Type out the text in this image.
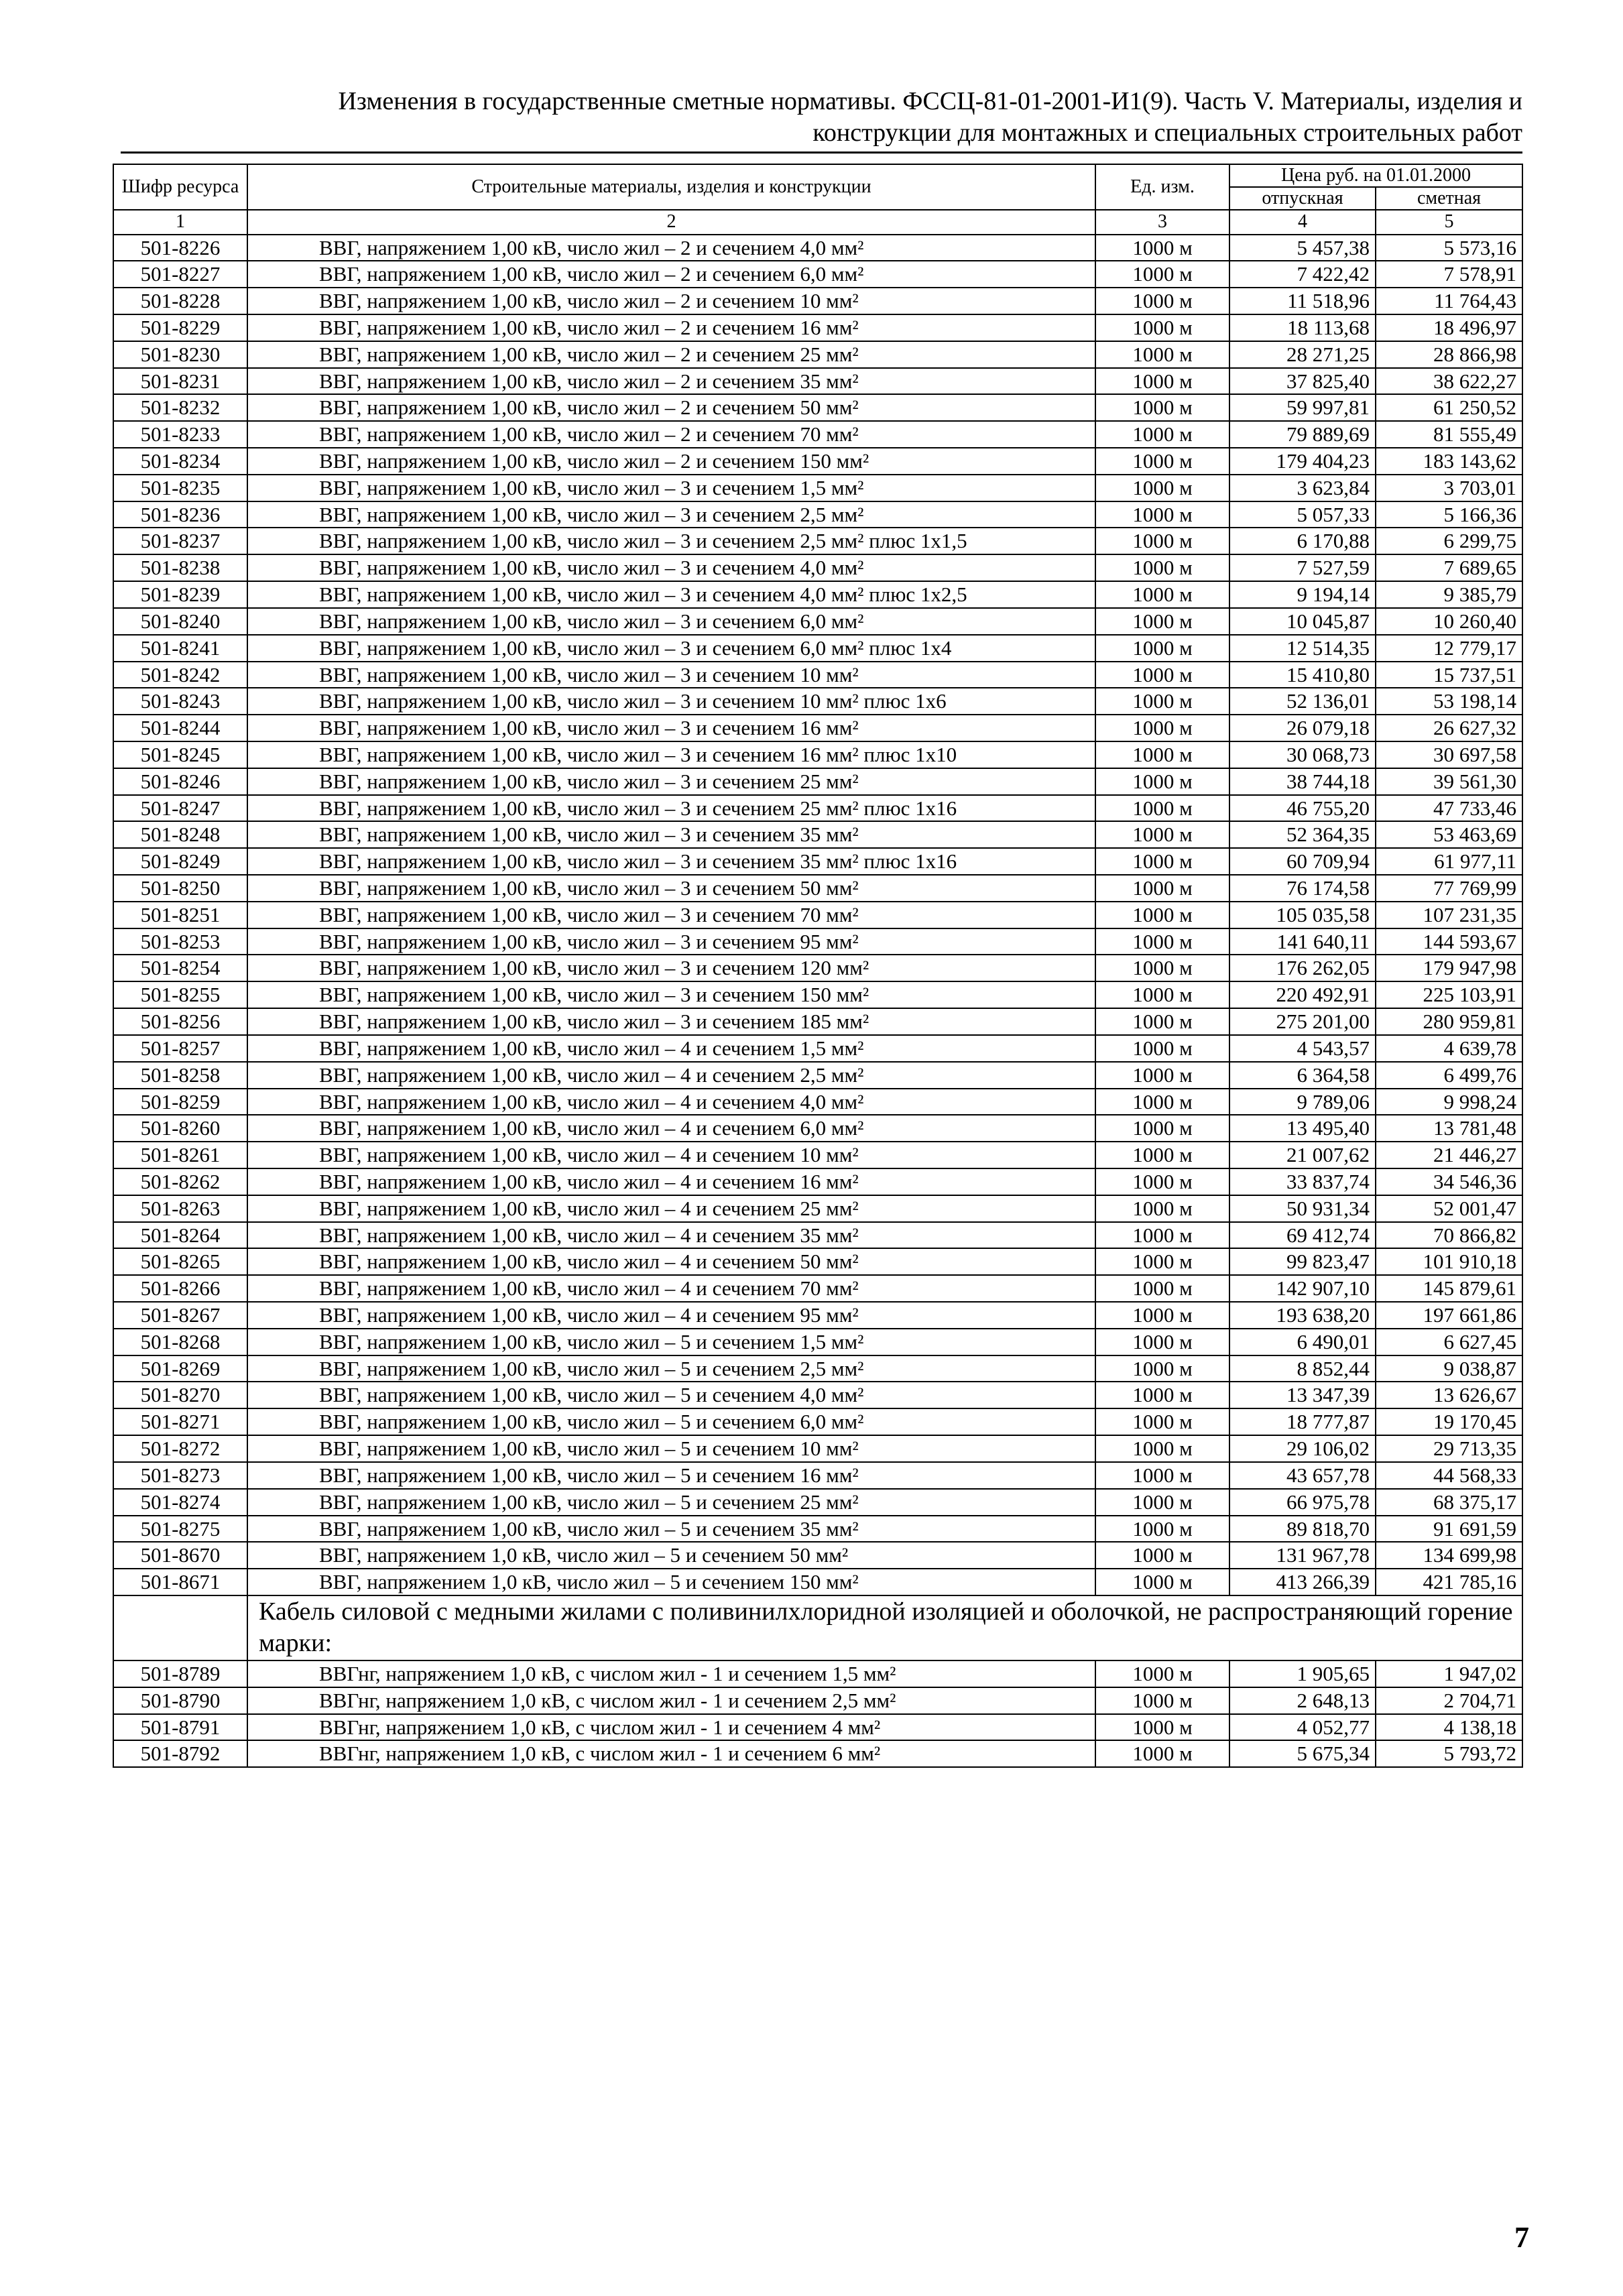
Изменения в государственные сметные нормативы. ФССЦ-81-01-2001-И1(9). Часть V. Материалы, изделия и
конструкции для монтажных и специальных строительных работ
Шифр ресурса	Строительные материалы, изделия и конструкции	Ед. изм.	Цена руб. на 01.01.2000	
			отпускная	сметная
1	2	3	4	5
501-8226	ВВГ, напряжением 1,00 кВ, число жил – 2 и сечением 4,0 мм²	1000 м	5 457,38	5 573,16
501-8227	ВВГ, напряжением 1,00 кВ, число жил – 2 и сечением 6,0 мм²	1000 м	7 422,42	7 578,91
501-8228	ВВГ, напряжением 1,00 кВ, число жил – 2 и сечением 10 мм²	1000 м	11 518,96	11 764,43
501-8229	ВВГ, напряжением 1,00 кВ, число жил – 2 и сечением 16 мм²	1000 м	18 113,68	18 496,97
501-8230	ВВГ, напряжением 1,00 кВ, число жил – 2 и сечением 25 мм²	1000 м	28 271,25	28 866,98
501-8231	ВВГ, напряжением 1,00 кВ, число жил – 2 и сечением 35 мм²	1000 м	37 825,40	38 622,27
501-8232	ВВГ, напряжением 1,00 кВ, число жил – 2 и сечением 50 мм²	1000 м	59 997,81	61 250,52
501-8233	ВВГ, напряжением 1,00 кВ, число жил – 2 и сечением 70 мм²	1000 м	79 889,69	81 555,49
501-8234	ВВГ, напряжением 1,00 кВ, число жил – 2 и сечением 150 мм²	1000 м	179 404,23	183 143,62
501-8235	ВВГ, напряжением 1,00 кВ, число жил – 3 и сечением 1,5 мм²	1000 м	3 623,84	3 703,01
501-8236	ВВГ, напряжением 1,00 кВ, число жил – 3 и сечением 2,5 мм²	1000 м	5 057,33	5 166,36
501-8237	ВВГ, напряжением 1,00 кВ, число жил – 3 и сечением 2,5 мм² плюс 1х1,5	1000 м	6 170,88	6 299,75
501-8238	ВВГ, напряжением 1,00 кВ, число жил – 3 и сечением 4,0 мм²	1000 м	7 527,59	7 689,65
501-8239	ВВГ, напряжением 1,00 кВ, число жил – 3 и сечением 4,0 мм² плюс 1х2,5	1000 м	9 194,14	9 385,79
501-8240	ВВГ, напряжением 1,00 кВ, число жил – 3 и сечением 6,0 мм²	1000 м	10 045,87	10 260,40
501-8241	ВВГ, напряжением 1,00 кВ, число жил – 3 и сечением 6,0 мм² плюс 1х4	1000 м	12 514,35	12 779,17
501-8242	ВВГ, напряжением 1,00 кВ, число жил – 3 и сечением 10 мм²	1000 м	15 410,80	15 737,51
501-8243	ВВГ, напряжением 1,00 кВ, число жил – 3 и сечением 10 мм² плюс 1х6	1000 м	52 136,01	53 198,14
501-8244	ВВГ, напряжением 1,00 кВ, число жил – 3 и сечением 16 мм²	1000 м	26 079,18	26 627,32
501-8245	ВВГ, напряжением 1,00 кВ, число жил – 3 и сечением 16 мм² плюс 1х10	1000 м	30 068,73	30 697,58
501-8246	ВВГ, напряжением 1,00 кВ, число жил – 3 и сечением 25 мм²	1000 м	38 744,18	39 561,30
501-8247	ВВГ, напряжением 1,00 кВ, число жил – 3 и сечением 25 мм² плюс 1х16	1000 м	46 755,20	47 733,46
501-8248	ВВГ, напряжением 1,00 кВ, число жил – 3 и сечением 35 мм²	1000 м	52 364,35	53 463,69
501-8249	ВВГ, напряжением 1,00 кВ, число жил – 3 и сечением 35 мм² плюс 1х16	1000 м	60 709,94	61 977,11
501-8250	ВВГ, напряжением 1,00 кВ, число жил – 3 и сечением 50 мм²	1000 м	76 174,58	77 769,99
501-8251	ВВГ, напряжением 1,00 кВ, число жил – 3 и сечением 70 мм²	1000 м	105 035,58	107 231,35
501-8253	ВВГ, напряжением 1,00 кВ, число жил – 3 и сечением 95 мм²	1000 м	141 640,11	144 593,67
501-8254	ВВГ, напряжением 1,00 кВ, число жил – 3 и сечением 120 мм²	1000 м	176 262,05	179 947,98
501-8255	ВВГ, напряжением 1,00 кВ, число жил – 3 и сечением 150 мм²	1000 м	220 492,91	225 103,91
501-8256	ВВГ, напряжением 1,00 кВ, число жил – 3 и сечением 185 мм²	1000 м	275 201,00	280 959,81
501-8257	ВВГ, напряжением 1,00 кВ, число жил – 4 и сечением 1,5 мм²	1000 м	4 543,57	4 639,78
501-8258	ВВГ, напряжением 1,00 кВ, число жил – 4 и сечением 2,5 мм²	1000 м	6 364,58	6 499,76
501-8259	ВВГ, напряжением 1,00 кВ, число жил – 4 и сечением 4,0 мм²	1000 м	9 789,06	9 998,24
501-8260	ВВГ, напряжением 1,00 кВ, число жил – 4 и сечением 6,0 мм²	1000 м	13 495,40	13 781,48
501-8261	ВВГ, напряжением 1,00 кВ, число жил – 4 и сечением 10 мм²	1000 м	21 007,62	21 446,27
501-8262	ВВГ, напряжением 1,00 кВ, число жил – 4 и сечением 16 мм²	1000 м	33 837,74	34 546,36
501-8263	ВВГ, напряжением 1,00 кВ, число жил – 4 и сечением 25 мм²	1000 м	50 931,34	52 001,47
501-8264	ВВГ, напряжением 1,00 кВ, число жил – 4 и сечением 35 мм²	1000 м	69 412,74	70 866,82
501-8265	ВВГ, напряжением 1,00 кВ, число жил – 4 и сечением 50 мм²	1000 м	99 823,47	101 910,18
501-8266	ВВГ, напряжением 1,00 кВ, число жил – 4 и сечением 70 мм²	1000 м	142 907,10	145 879,61
501-8267	ВВГ, напряжением 1,00 кВ, число жил – 4 и сечением 95 мм²	1000 м	193 638,20	197 661,86
501-8268	ВВГ, напряжением 1,00 кВ, число жил – 5 и сечением 1,5 мм²	1000 м	6 490,01	6 627,45
501-8269	ВВГ, напряжением 1,00 кВ, число жил – 5 и сечением 2,5 мм²	1000 м	8 852,44	9 038,87
501-8270	ВВГ, напряжением 1,00 кВ, число жил – 5 и сечением 4,0 мм²	1000 м	13 347,39	13 626,67
501-8271	ВВГ, напряжением 1,00 кВ, число жил – 5 и сечением 6,0 мм²	1000 м	18 777,87	19 170,45
501-8272	ВВГ, напряжением 1,00 кВ, число жил – 5 и сечением 10 мм²	1000 м	29 106,02	29 713,35
501-8273	ВВГ, напряжением 1,00 кВ, число жил – 5 и сечением 16 мм²	1000 м	43 657,78	44 568,33
501-8274	ВВГ, напряжением 1,00 кВ, число жил – 5 и сечением 25 мм²	1000 м	66 975,78	68 375,17
501-8275	ВВГ, напряжением 1,00 кВ, число жил – 5 и сечением 35 мм²	1000 м	89 818,70	91 691,59
501-8670	ВВГ, напряжением 1,0 кВ, число жил – 5 и сечением 50 мм²	1000 м	131 967,78	134 699,98
501-8671	ВВГ, напряжением 1,0 кВ, число жил – 5 и сечением 150 мм²	1000 м	413 266,39	421 785,16
	Кабель силовой с медными жилами с поливинилхлоридной изоляцией и оболочкой, не распространяющий горение марки:			
501-8789	ВВГнг, напряжением 1,0 кВ, с числом жил - 1 и сечением 1,5 мм²	1000 м	1 905,65	1 947,02
501-8790	ВВГнг, напряжением 1,0 кВ, с числом жил - 1 и сечением 2,5 мм²	1000 м	2 648,13	2 704,71
501-8791	ВВГнг, напряжением 1,0 кВ, с числом жил - 1 и сечением 4 мм²	1000 м	4 052,77	4 138,18
501-8792	ВВГнг, напряжением 1,0 кВ, с числом жил - 1 и сечением 6 мм²	1000 м	5 675,34	5 793,72
7
